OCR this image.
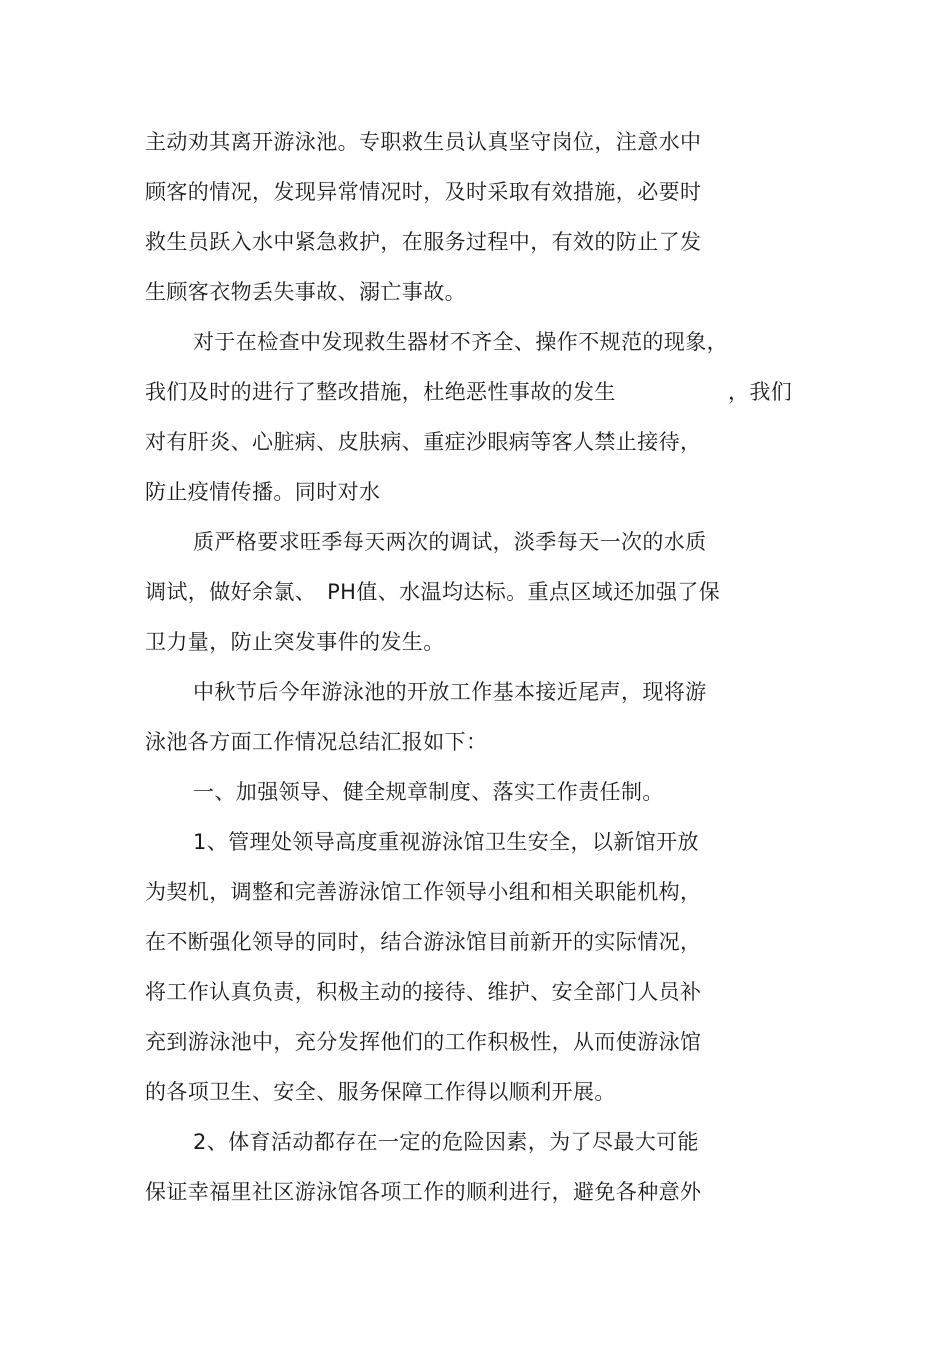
主动劝其离开游泳池。专职救生员认真坚守岗位，注意水中
顾客的情况，发现异常情况时，及时采取有效措施，必要时
救生员跃入水中紧急救护，在服务过程中，有效的防止了发
生顾客衣物丢失事故、溺亡事故。
对于在检查中发现救生器材不齐全、操作不规范的现象，
我们及时的进行了整改措施，杜绝恶性事故的发生	，我们
对有肝炎、心脏病、皮肤病、重症沙眼病等客人禁止接待，
防止疫情传播。同时对水
质严格要求旺季每天两次的调试，淡季每天一次的水质
调试，做好余氯、　PH值、水温均达标。重点区域还加强了保
卫力量，防止突发事件的发生。
中秋节后今年游泳池的开放工作基本接近尾声，现将游
泳池各方面工作情况总结汇报如下：
一、加强领导、健全规章制度、落实工作责任制。
1、管理处领导高度重视游泳馆卫生安全，以新馆开放
为契机，调整和完善游泳馆工作领导小组和相关职能机构，
在不断强化领导的同时，结合游泳馆目前新开的实际情况，
将工作认真负责，积极主动的接待、维护、安全部门人员补
充到游泳池中，充分发挥他们的工作积极性，从而使游泳馆
的各项卫生、安全、服务保障工作得以顺利开展。
2、体育活动都存在一定的危险因素，为了尽最大可能
保证幸福里社区游泳馆各项工作的顺利进行，避免各种意外
